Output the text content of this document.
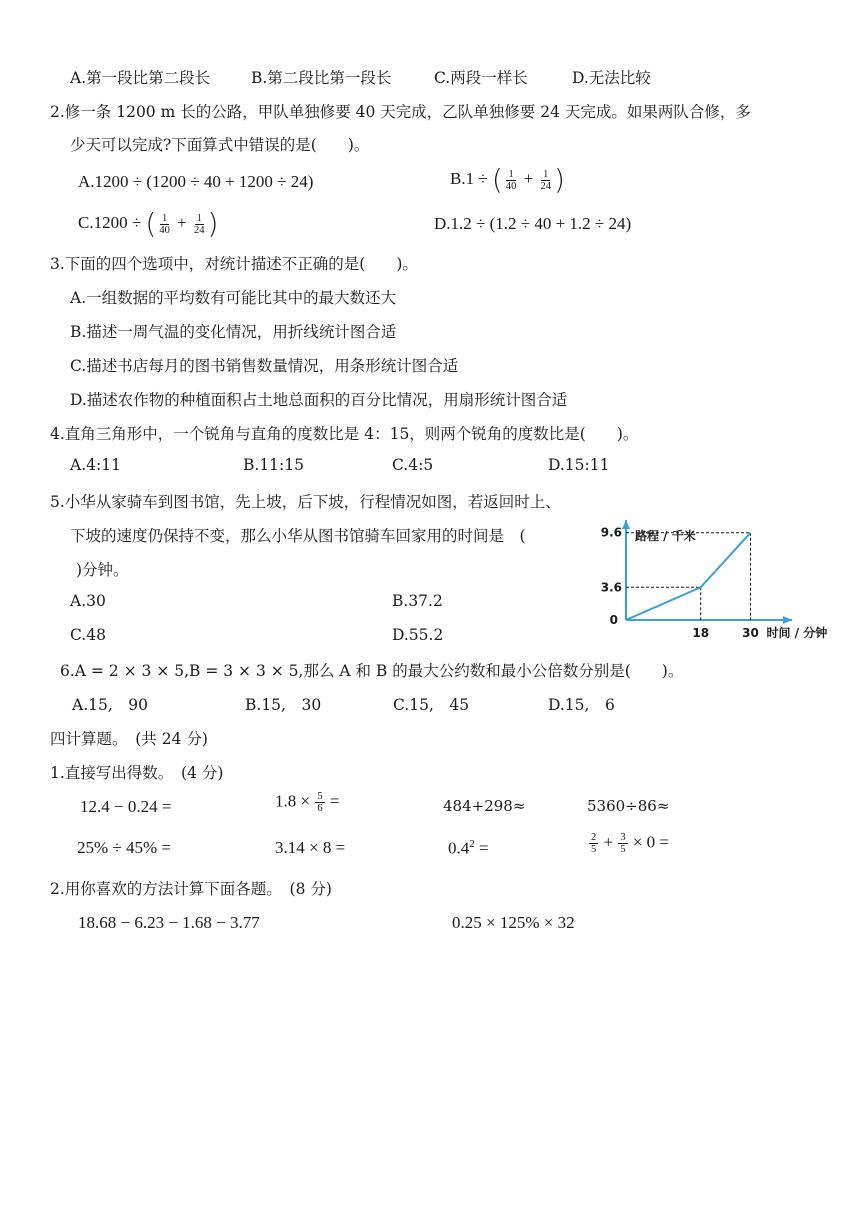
A.第一段比第二段长	B.第二段比第一段长	C.两段一样长	D.无法比较
2.修一条 1200 m 长的公路，甲队单独修要 40 天完成，乙队单独修要 24 天完成。如果两队合修，多
少天可以完成?下面算式中错误的是(　　)。
A.1200 ÷ (1200 ÷ 40 + 1200 ÷ 24)	B.1 ÷ ( $\frac{1}{40} + \frac{1}{24}$ )
C.1200 ÷ ( $\frac{1}{40} + \frac{1}{24}$ )	D.1.2 ÷ (1.2 ÷ 40 + 1.2 ÷ 24)
3.下面的四个选项中，对统计描述不正确的是(　　)。
A.一组数据的平均数有可能比其中的最大数还大
B.描述一周气温的变化情况，用折线统计图合适
C.描述书店每月的图书销售数量情况，用条形统计图合适
D.描述农作物的种植面积占土地总面积的百分比情况，用扇形统计图合适
4.直角三角形中，一个锐角与直角的度数比是 4：15，则两个锐角的度数比是(　　)。
A.4:11	B.11:15	C.4:5	D.15:11
5.小华从家骑车到图书馆，先上坡，后下坡，行程情况如图，若返回时上、
下坡的速度仍保持不变，那么小华从图书馆骑车回家用的时间是　(
)分钟。
A.30	B.37.2
C.48	D.55.2
0
3.6
9.6
18	30
路程 / 千米
时间 / 分钟
6.A = 2 × 3 × 5,B = 3 × 3 × 5,那么 A 和 B 的最大公约数和最小公倍数分别是(　　)。
A.15,　90	B.15,　30	C.15,　45	D.15,　6
四计算题。　(共 24 分)
1.直接写出得数。　(4 分)
12.4 − 0.24 =	$1.8 \times \frac{5}{6}$ =	484+298≈	5360÷86≈
25% ÷ 45% =	3.14 × 8 =	$0.4^2$ =	$\frac{2}{5} + \frac{3}{5} \times 0$ =
2.用你喜欢的方法计算下面各题。　(8 分)
18.68 − 6.23 − 1.68 − 3.77	0.25 × 125% × 32
